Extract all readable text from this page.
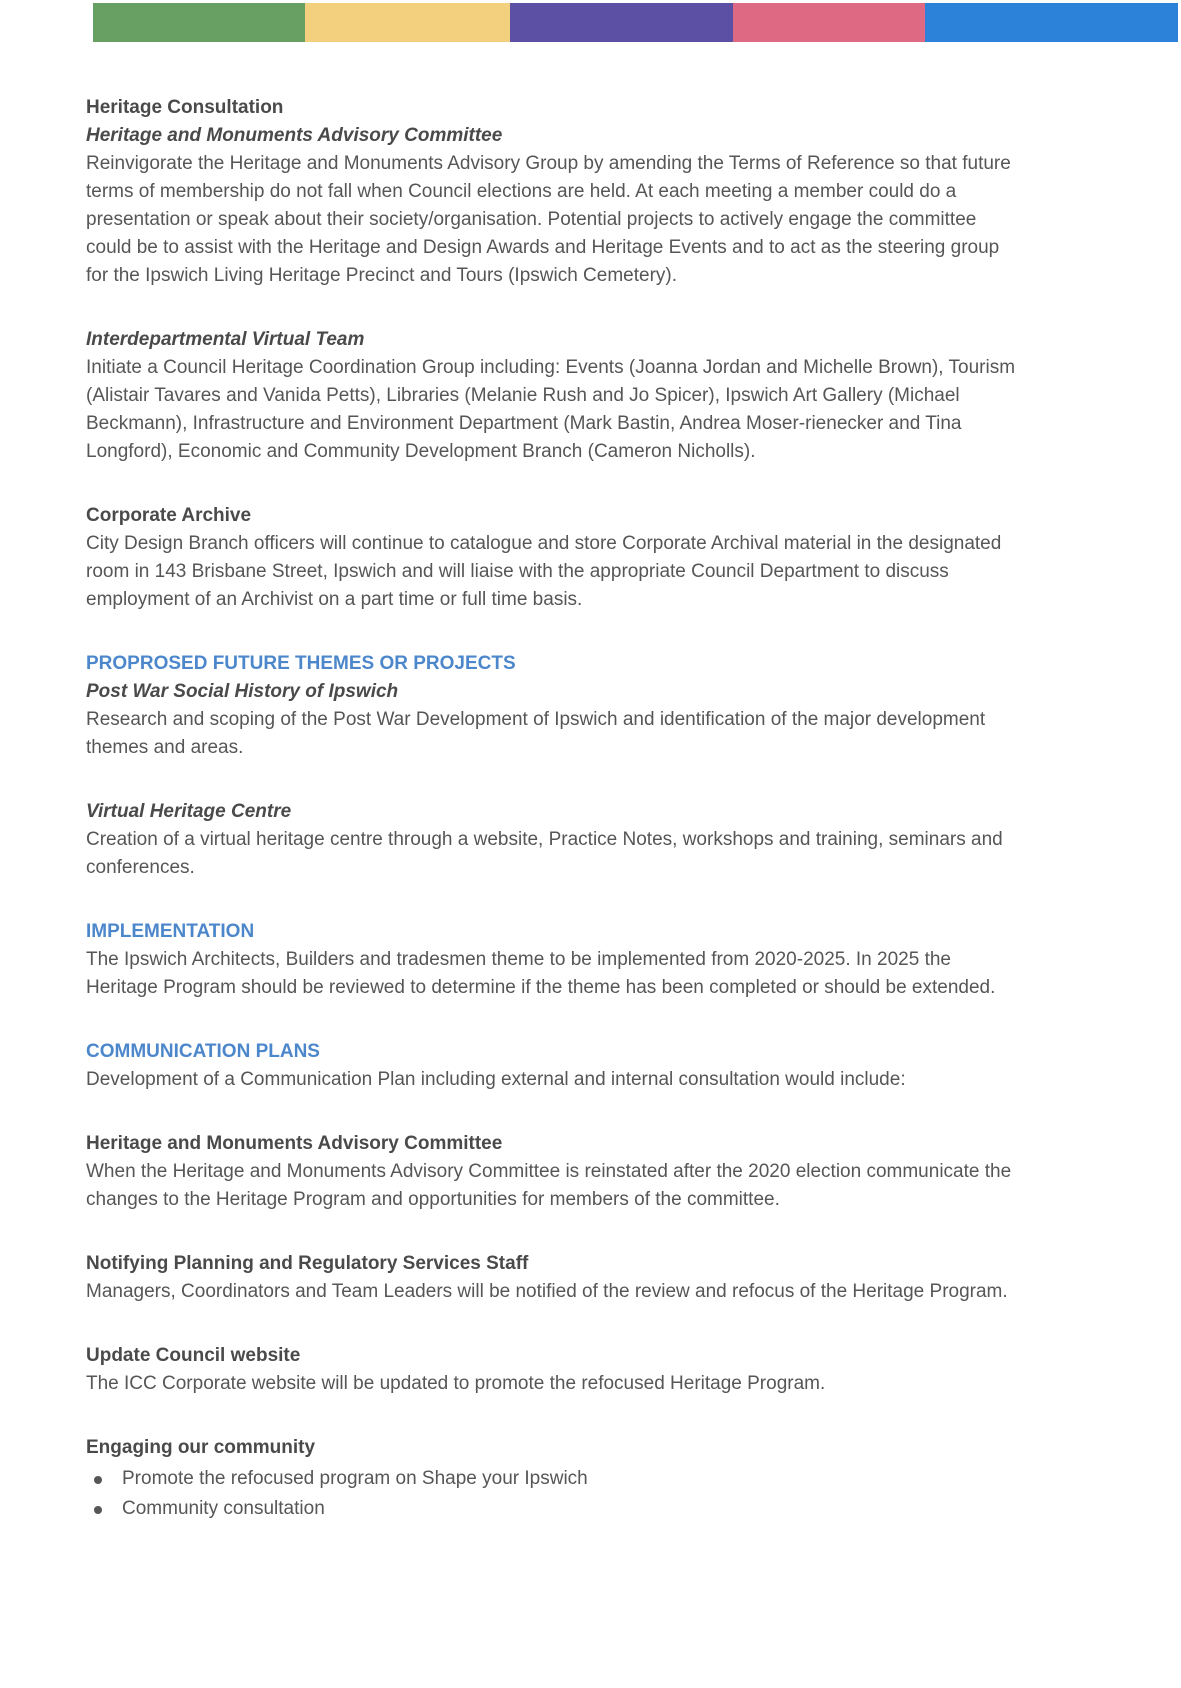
Heritage Consultation
Heritage and Monuments Advisory Committee

Reinvigorate the Heritage and Monuments Advisory Group by amending the Terms of Reference so that future terms of membership do not fall when Council elections are held. At each meeting a member could do a presentation or speak about their society/organisation. Potential projects to actively engage the committee could be to assist with the Heritage and Design Awards and Heritage Events and to act as the steering group for the Ipswich Living Heritage Precinct and Tours (Ipswich Cemetery).

Interdepartmental Virtual Team

Initiate a Council Heritage Coordination Group including: Events (Joanna Jordan and Michelle Brown), Tourism (Alistair Tavares and Vanida Petts), Libraries (Melanie Rush and Jo Spicer), Ipswich Art Gallery (Michael Beckmann), Infrastructure and Environment Department (Mark Bastin, Andrea Moser-rienecker and Tina Longford), Economic and Community Development Branch (Cameron Nicholls).

Corporate Archive

City Design Branch officers will continue to catalogue and store Corporate Archival material in the designated room in 143 Brisbane Street, Ipswich and will liaise with the appropriate Council Department to discuss employment of an Archivist on a part time or full time basis.

PROPROSED FUTURE THEMES OR PROJECTS
Post War Social History of Ipswich

Research and scoping of the Post War Development of Ipswich and identification of the major development themes and areas.

Virtual Heritage Centre

Creation of a virtual heritage centre through a website, Practice Notes, workshops and training, seminars and conferences.

IMPLEMENTATION

The Ipswich Architects, Builders and tradesmen theme to be implemented from 2020-2025. In 2025 the Heritage Program should be reviewed to determine if the theme has been completed or should be extended.

COMMUNICATION PLANS

Development of a Communication Plan including external and internal consultation would include:

Heritage and Monuments Advisory Committee

When the Heritage and Monuments Advisory Committee is reinstated after the 2020 election communicate the changes to the Heritage Program and opportunities for members of the committee.

Notifying Planning and Regulatory Services Staff

Managers, Coordinators and Team Leaders will be notified of the review and refocus of the Heritage Program.

Update Council website

The ICC Corporate website will be updated to promote the refocused Heritage Program.

Engaging our community
Promote the refocused program on Shape your Ipswich
Community consultation
